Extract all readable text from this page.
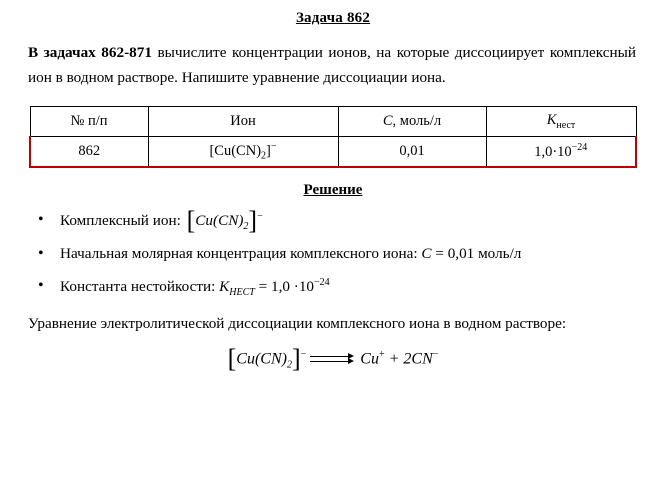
Задача 862
В задачах 862-871 вычислите концентрации ионов, на которые диссоциирует комплексный ион в водном растворе. Напишите уравнение диссоциации иона.
№ п/п	Ион	C, моль/л	$K_{нест}$
862	$[Cu(CN)_2]^-$	0,01	$1,0\cdot 10^{-24}$
Решение
• Комплексный ион: $[Cu(CN)_2]^-$
• Начальная молярная концентрация комплексного иона: C = 0,01 моль/л
• Константа нестойкости: $K_{НЕСТ} = 1,0 \cdot 10^{-24}$
Уравнение электролитической диссоциации комплексного иона в водном растворе:
$[Cu(CN)_2]^-$	Cu+ + 2CN−
